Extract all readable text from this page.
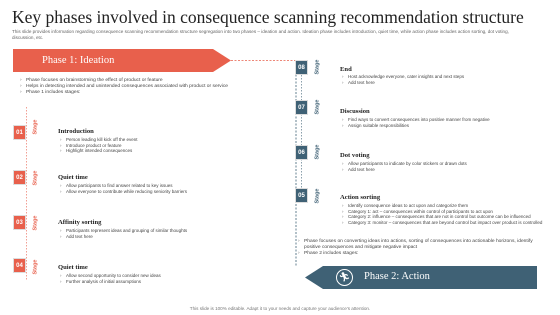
Key phases involved in consequence scanning recommendation structure
This slide provides information regarding consequence scanning recommendation structure segregation into two phases – ideation and action. Ideation phase includes introduction, quiet time, while action phase includes action sorting, dot voting, discussion, etc.
Phase 1: Ideation
› Phase focuses on brainstorming the effect of product or feature
› Helps in detecting intended and unintended consequences associated with product or service
› Phase 1 includes stages:
01	Stage	Introduction
› Person leading kill kick off the event
› Introduce product or feature
› Highlight intended consequences
02	Stage	Quiet time
› Allow participants to find answer related to key issues
› Allow everyone to contribute while reducing seniority barriers
03	Stage	Affinity sorting
› Participants represent ideas and grouping of similar thoughts
› Add text here
04	Stage	Quiet time
› Allow second opportunity to consider new ideas
› Further analysis of initial assumptions
08	Stage	End
› Host acknowledge everyone, cater insights and next steps
› Add text here
07	Stage	Discussion
› Find ways to convert consequences into positive manner from negative
› Assign suitable responsibilities
06	Stage	Dot voting
› Allow participants to indicate by color stickers or drawn dots
› Add text here
05	Stage	Action sorting
› Identify consequence ideas to act upon and categorize them
› Category 1: act – consequences within control of participants to act upon
› Category 2: influence – consequences that are not in control but outcome can be influenced
› Category 3: monitor – consequences that are beyond control but impact over product is controlled
› Phase focuses on converting ideas into actions, sorting of consequences into actionable horizons, identify positive consequences and mitigate negative impact
› Phase 2 includes stages:
🏃︎ Phase 2: Action
This slide is 100% editable. Adapt it to your needs and capture your audience's attention.
